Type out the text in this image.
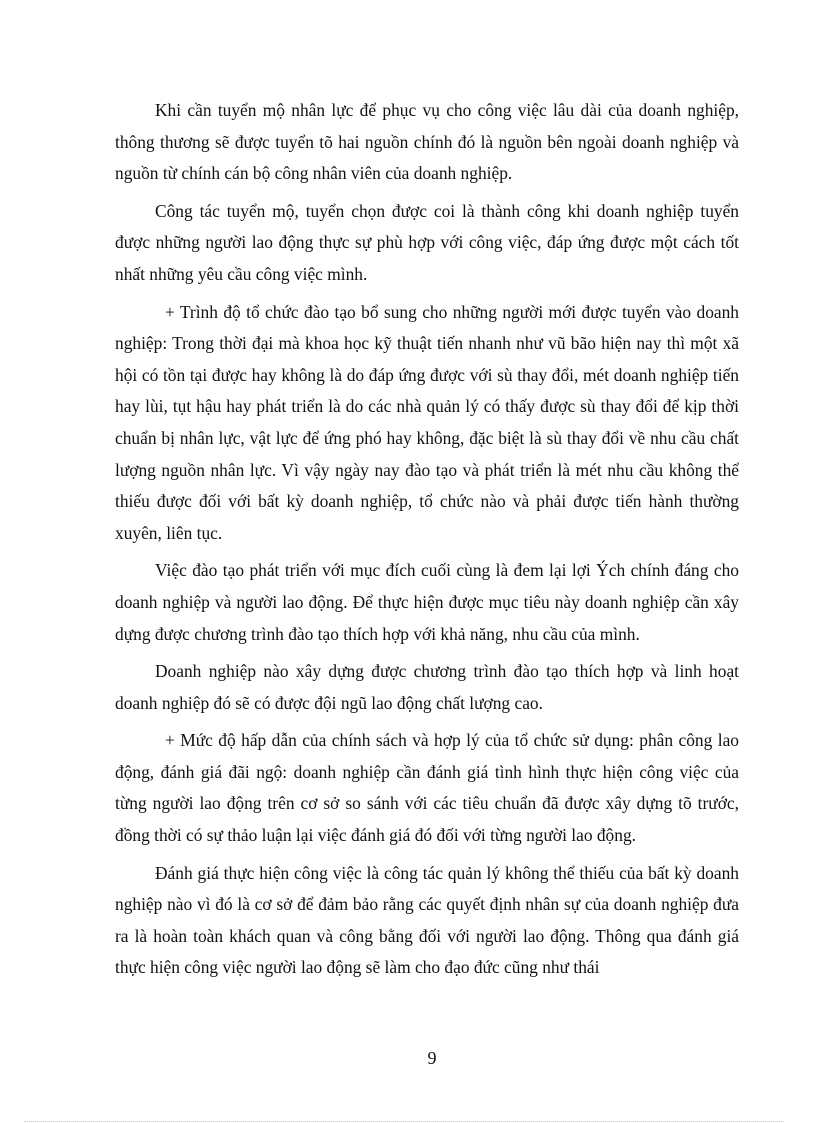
Khi cần tuyển mộ nhân lực để phục vụ cho công việc lâu dài của doanh nghiệp, thông thương sẽ được tuyển tõ hai nguồn chính đó là nguồn bên ngoài doanh nghiệp và nguồn từ chính cán bộ công nhân viên của doanh nghiệp.

Công tác tuyển mộ, tuyển chọn được coi là thành công khi doanh nghiệp tuyển được những người lao động thực sự phù hợp với công việc, đáp ứng được một cách tốt nhất những yêu cầu công việc mình.

+ Trình độ tổ chức đào tạo bổ sung cho những người mới được tuyển vào doanh nghiệp: Trong thời đại mà khoa học kỹ thuật tiến nhanh như vũ bão hiện nay thì một xã hội có tồn tại được hay không là do đáp ứng được với sù thay đổi, mét doanh nghiệp tiến hay lùi, tụt hậu hay phát triển là do các nhà quản lý có thấy được sù thay đổi để kịp thời chuẩn bị nhân lực, vật lực để ứng phó hay không, đặc biệt là sù thay đổi về nhu cầu chất lượng nguồn nhân lực. Vì vậy ngày nay đào tạo và phát triển là mét nhu cầu không thể thiếu được đối với bất kỳ doanh nghiệp, tổ chức nào và phải được tiến hành thường xuyên, liên tục.

Việc đào tạo phát triển với mục đích cuối cùng là đem lại lợi Ých chính đáng cho doanh nghiệp và người lao động. Để thực hiện được mục tiêu này doanh nghiệp cần xây dựng được chương trình đào tạo thích hợp với khả năng, nhu cầu của mình.

Doanh nghiệp nào xây dựng được chương trình đào tạo thích hợp và linh hoạt doanh nghiệp đó sẽ có được đội ngũ lao động chất lượng cao.

+ Mức độ hấp dẫn của chính sách và hợp lý của tổ chức sử dụng: phân công lao động, đánh giá đãi ngộ: doanh nghiệp cần đánh giá tình hình thực hiện công việc của từng người lao động trên cơ sở so sánh với các tiêu chuẩn đã được xây dựng tõ trước, đồng thời có sự thảo luận lại việc đánh giá đó đối với từng người lao động.

Đánh giá thực hiện công việc là công tác quản lý không thể thiếu của bất kỳ doanh nghiệp nào vì đó là cơ sở để đảm bảo rằng các quyết định nhân sự của doanh nghiệp đưa ra là hoàn toàn khách quan và công bằng đối với người lao động. Thông qua đánh giá thực hiện công việc người lao động sẽ làm cho đạo đức cũng như thái

9
